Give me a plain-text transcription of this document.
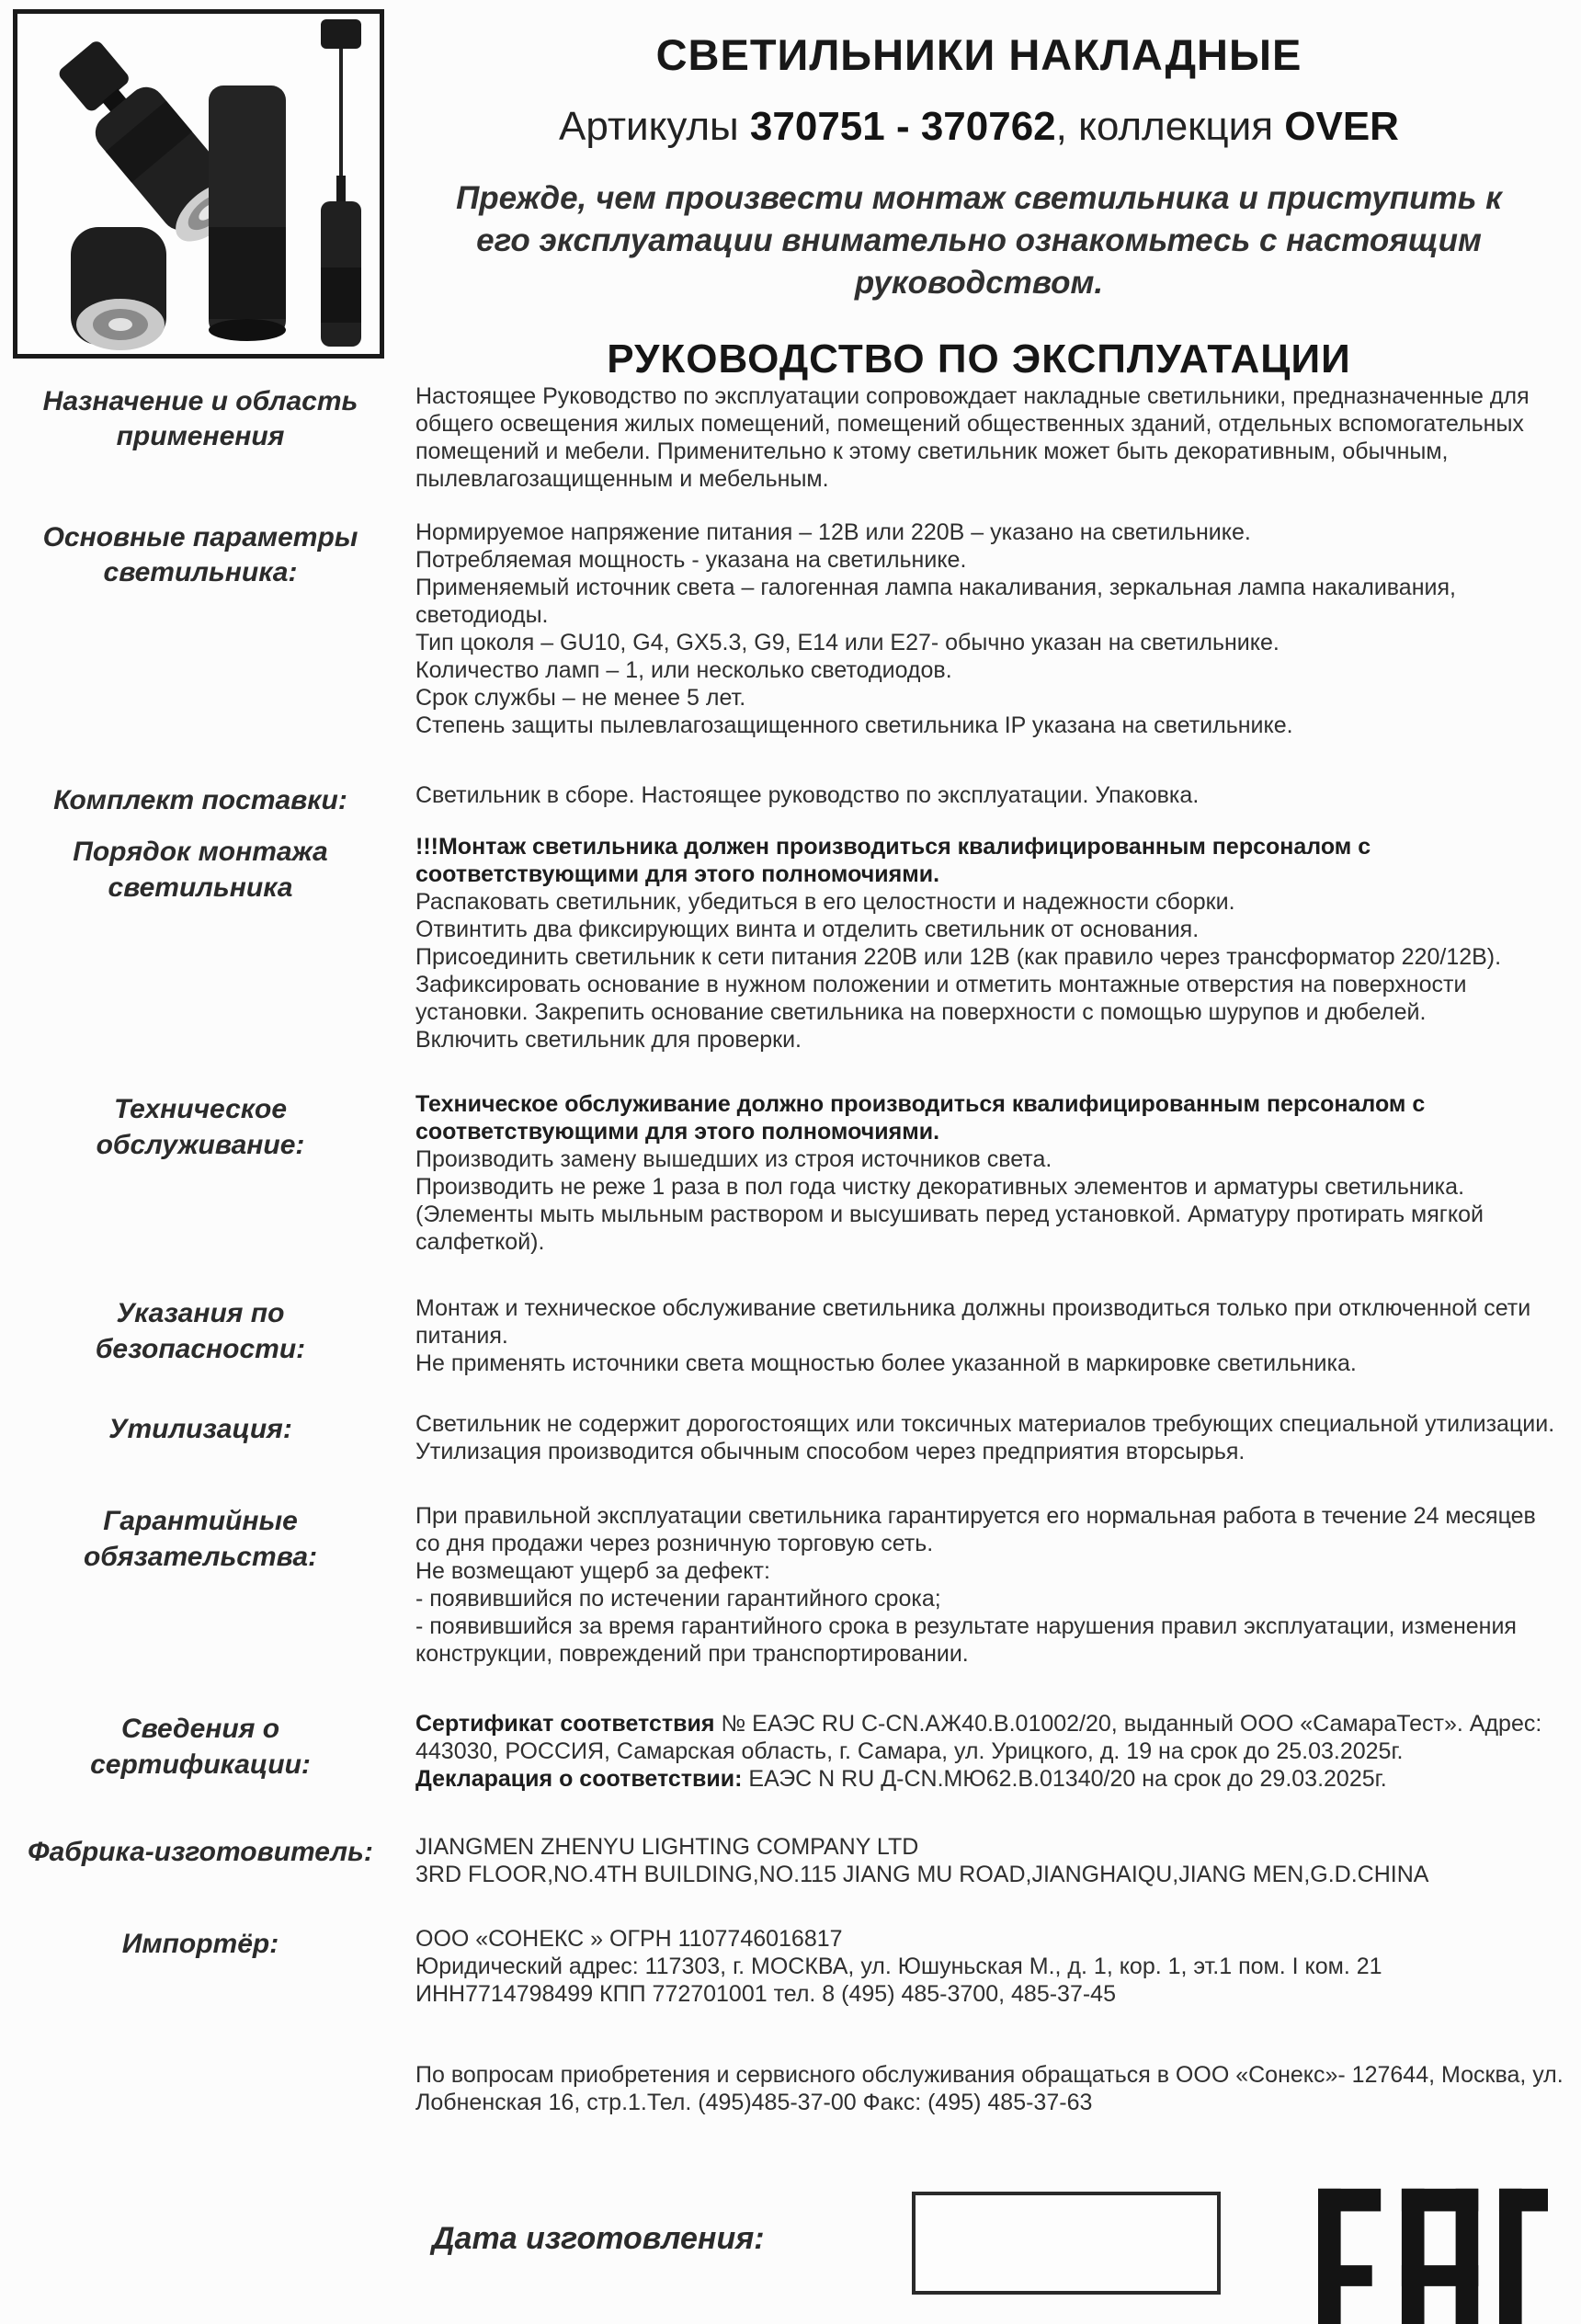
СВЕТИЛЬНИКИ НАКЛАДНЫЕ
Артикулы 370751 - 370762, коллекция OVER
Прежде, чем произвести монтаж светильника и приступить к его эксплуатации внимательно ознакомьтесь с настоящим руководством.
РУКОВОДСТВО ПО ЭКСПЛУАТАЦИИ
Назначение и область применения

Настоящее Руководство по эксплуатации сопровождает накладные светильники, предназначенные для общего освещения жилых помещений, помещений общественных зданий, отдельных вспомогательных помещений и мебели. Применительно к этому светильник может быть декоративным, обычным, пылевлагозащищенным и мебельным.

Основные параметры светильника:
Нормируемое напряжение питания – 12В или 220В – указано на светильнике.
Потребляемая мощность - указана на светильнике.
Применяемый источник света – галогенная лампа накаливания, зеркальная лампа накаливания, светодиоды.
Тип цоколя – GU10, G4, GX5.3, G9, Е14 или Е27- обычно указан на светильнике.
Количество ламп – 1, или несколько светодиодов.
Срок службы – не менее 5 лет.
Степень защиты пылевлагозащищенного светильника IP указана на светильнике.
Комплект поставки:	Светильник в сборе. Настоящее руководство по эксплуатации. Упаковка.

Порядок монтажа светильника
!!!Монтаж светильника должен производиться квалифицированным персоналом с соответствующими для этого полномочиями.
Распаковать светильник, убедиться в его целостности и надежности сборки.
Отвинтить два фиксирующих винта и отделить светильник от основания.
Присоединить светильник к сети питания 220В или 12В (как правило через трансформатор 220/12В).
Зафиксировать основание в нужном положении и отметить монтажные отверстия на поверхности установки. Закрепить основание светильника на поверхности с помощью шурупов и дюбелей.
Включить светильник для проверки.
Техническое обслуживание:
Техническое обслуживание должно производиться квалифицированным персоналом с соответствующими для этого полномочиями.
Производить замену вышедших из строя источников света.
Производить не реже 1 раза в пол года чистку декоративных элементов и арматуры светильника. (Элементы мыть мыльным раствором и высушивать перед установкой. Арматуру протирать мягкой салфеткой).
Указания по безопасности:
Монтаж и техническое обслуживание светильника должны производиться только при отключенной сети питания.
Не применять источники света мощностью более указанной в маркировке светильника.
Утилизация:	Светильник не содержит дорогостоящих или токсичных материалов требующих специальной утилизации. Утилизация производится обычным способом через предприятия вторсырья.

Гарантийные обязательства:
При правильной эксплуатации светильника гарантируется его нормальная работа в течение 24 месяцев со дня продажи через розничную торговую сеть.
Не возмещают ущерб за дефект:
- появившийся по истечении гарантийного срока;
- появившийся за время гарантийного срока в результате нарушения правил эксплуатации, изменения конструкции, повреждений при транспортировании.
Сведения о сертификации:

Сертификат соответствия № ЕАЭС RU C-CN.АЖ40.В.01002/20, выданный ООО «СамараТест». Адрес: 443030, РОССИЯ, Самарская область, г. Самара, ул. Урицкого, д. 19 на срок до 25.03.2025г.

Декларация о соответствии: ЕАЭС N RU Д-CN.МЮ62.В.01340/20 на срок до 29.03.2025г.

Фабрика-изготовитель:	JIANGMEN ZHENYU LIGHTING COMPANY LTD
3RD FLOOR,NO.4TH BUILDING,NO.115 JIANG MU ROAD,JIANGHAIQU,JIANG MEN,G.D.CHINA
Импортёр:	ООО «СОНЕКС » ОГРН 1107746016817
Юридический адрес: 117303, г. МОСКВА, ул. Юшуньская М., д. 1, кор. 1, эт.1 пом. I ком. 21
ИНН7714798499 КПП 772701001 тел. 8 (495) 485-3700, 485-37-45

По вопросам приобретения и сервисного обслуживания обращаться в ООО «Сонекс»- 127644, Москва, ул. Лобненская 16, стр.1.Тел. (495)485-37-00 Факс: (495) 485-37-63

Дата изготовления:
